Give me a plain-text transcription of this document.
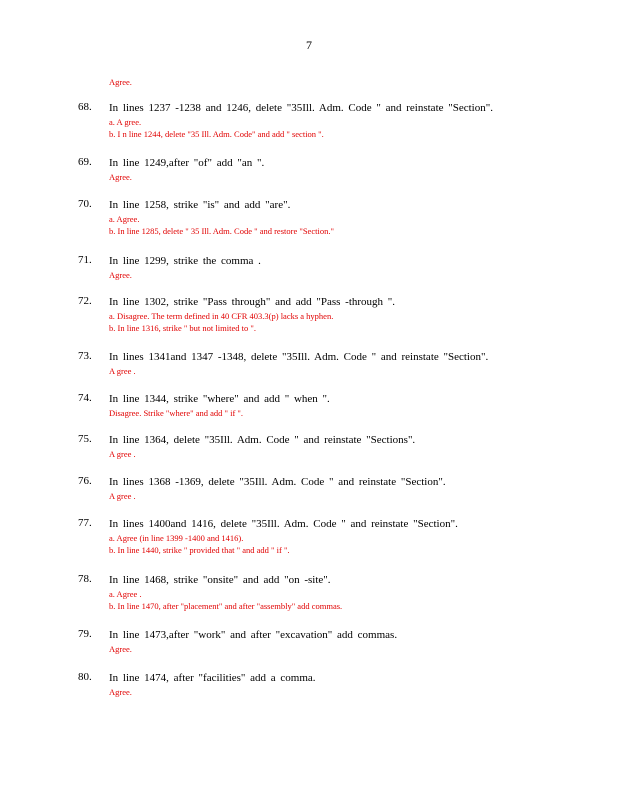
7
Agree.
68. In lines 1237 -1238 and 1246, delete "35Ill. Adm. Code " and reinstate "Section".
a. A gree.
b. I n line 1244, delete "35 Ill. Adm. Code" and add " section ".
69. In line 1249,after "of" add "an ".
Agree.
70. In line 1258, strike "is" and add "are".
a. Agree.
b. In line 1285, delete " 35 Ill. Adm. Code " and restore "Section."
71. In line 1299, strike the comma .
Agree.
72. In line 1302, strike "Pass through" and add "Pass -through ".
a. Disagree. The term defined in 40 CFR 403.3(p) lacks a hyphen.
b. In line 1316, strike " but not limited to ".
73. In lines 1341and 1347 -1348, delete "35Ill. Adm. Code " and reinstate "Section".
A gree .
74. In line 1344, strike "where" and add " when ".
Disagree. Strike "where" and add " if ".
75. In line 1364, delete "35Ill. Adm. Code " and reinstate "Sections".
A gree .
76. In lines 1368 -1369, delete "35Ill. Adm. Code " and reinstate "Section".
A gree .
77. In lines 1400and 1416, delete "35Ill. Adm. Code " and reinstate "Section".
a. Agree (in line 1399 -1400 and 1416).
b. In line 1440, strike " provided that " and add " if ".
78. In line 1468, strike "onsite" and add "on -site".
a. Agree .
b. In line 1470, after "placement" and after "assembly" add commas.
79. In line 1473,after "work" and after "excavation" add commas.
Agree.
80. In line 1474, after "facilities" add a comma.
Agree.
